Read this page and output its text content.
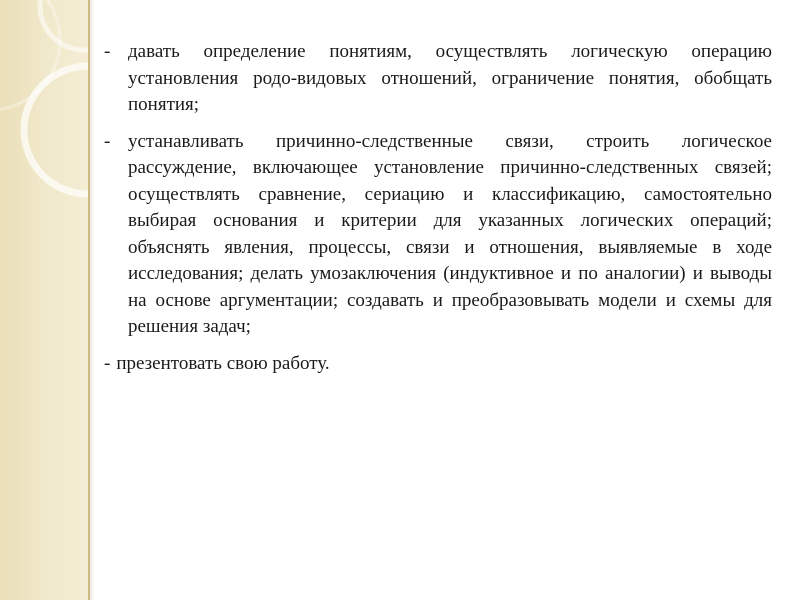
- давать определение понятиям, осуществлять логическую операцию установления родо-видовых отношений, ограничение понятия, обобщать понятия;
- устанавливать причинно-следственные связи, строить логическое рассуждение, включающее установление причинно-следственных связей; осуществлять сравнение, сериацию и классификацию, самостоятельно выбирая основания и критерии для указанных логических операций; объяснять явления, процессы, связи и отношения, выявляемые в ходе исследования; делать умозаключения (индуктивное и по аналогии) и выводы на основе аргументации; создавать и преобразовывать модели и схемы для решения задач;
- презентовать свою работу.
